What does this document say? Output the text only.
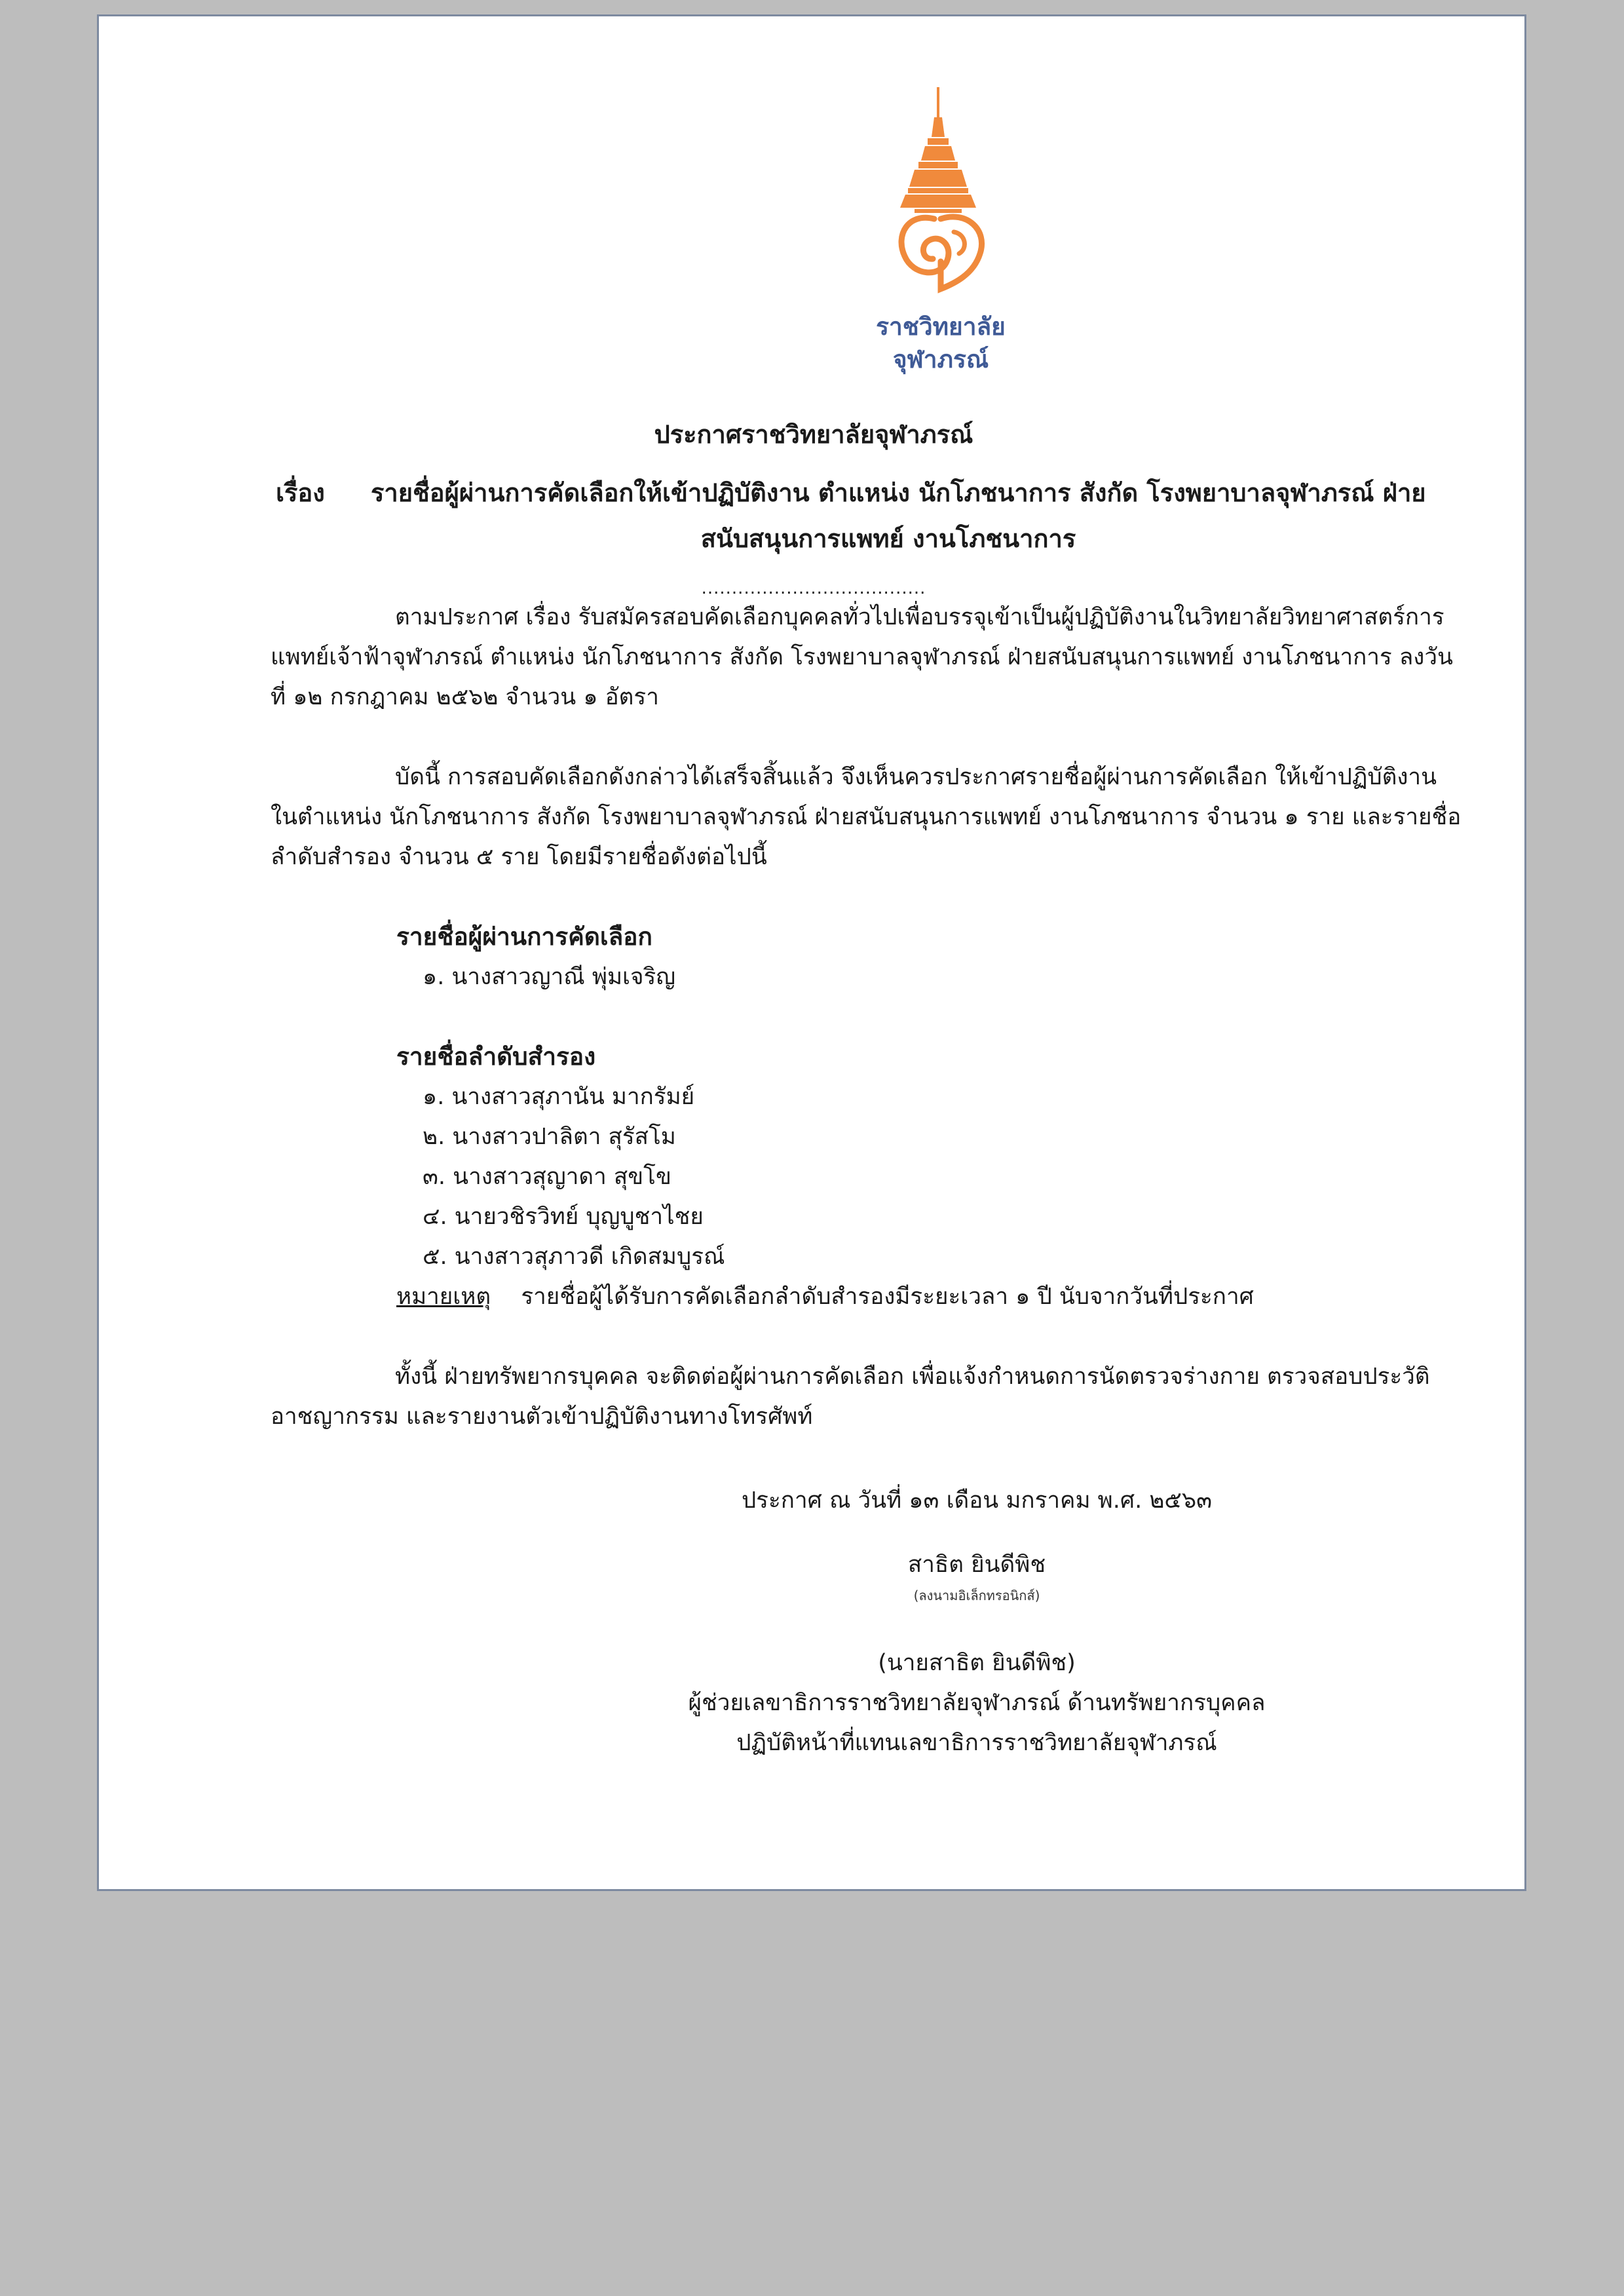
ราชวิทยาลัย
จุฬาภรณ์
ประกาศราชวิทยาลัยจุฬาภรณ์
เรื่อง รายชื่อผู้ผ่านการคัดเลือกให้เข้าปฏิบัติงาน ตำแหน่ง นักโภชนาการ สังกัด โรงพยาบาลจุฬาภรณ์ ฝ่าย
สนับสนุนการแพทย์ งานโภชนาการ
.....................................
ตามประกาศ เรื่อง รับสมัครสอบคัดเลือกบุคคลทั่วไปเพื่อบรรจุเข้าเป็นผู้ปฏิบัติงานในวิทยาลัยวิทยาศาสตร์การ
แพทย์เจ้าฟ้าจุฬาภรณ์ ตำแหน่ง นักโภชนาการ สังกัด โรงพยาบาลจุฬาภรณ์ ฝ่ายสนับสนุนการแพทย์ งานโภชนาการ ลงวัน
ที่ ๑๒ กรกฎาคม ๒๕๖๒ จำนวน ๑ อัตรา
บัดนี้ การสอบคัดเลือกดังกล่าวได้เสร็จสิ้นแล้ว จึงเห็นควรประกาศรายชื่อผู้ผ่านการคัดเลือก ให้เข้าปฏิบัติงาน
ในตำแหน่ง นักโภชนาการ สังกัด โรงพยาบาลจุฬาภรณ์ ฝ่ายสนับสนุนการแพทย์ งานโภชนาการ จำนวน ๑ ราย และรายชื่อ
ลำดับสำรอง จำนวน ๕ ราย โดยมีรายชื่อดังต่อไปนี้
รายชื่อผู้ผ่านการคัดเลือก
๑. นางสาวญาณี พุ่มเจริญ
รายชื่อลำดับสำรอง
๑. นางสาวสุภานัน มากรัมย์
๒. นางสาวปาลิตา สุรัสโม
๓. นางสาวสุญาดา สุขโข
๔. นายวชิรวิทย์ บุญบูชาไชย
๕. นางสาวสุภาวดี เกิดสมบูรณ์
หมายเหตุ รายชื่อผู้ได้รับการคัดเลือกลำดับสำรองมีระยะเวลา ๑ ปี นับจากวันที่ประกาศ
ทั้งนี้ ฝ่ายทรัพยากรบุคคล จะติดต่อผู้ผ่านการคัดเลือก เพื่อแจ้งกำหนดการนัดตรวจร่างกาย ตรวจสอบประวัติ
อาชญากรรม และรายงานตัวเข้าปฏิบัติงานทางโทรศัพท์
ประกาศ ณ วันที่ ๑๓ เดือน มกราคม พ.ศ. ๒๕๖๓
สาธิต ยินดีพิช
(ลงนามอิเล็กทรอนิกส์)
(นายสาธิต ยินดีพิช)
ผู้ช่วยเลขาธิการราชวิทยาลัยจุฬาภรณ์ ด้านทรัพยากรบุคคล
ปฏิบัติหน้าที่แทนเลขาธิการราชวิทยาลัยจุฬาภรณ์
